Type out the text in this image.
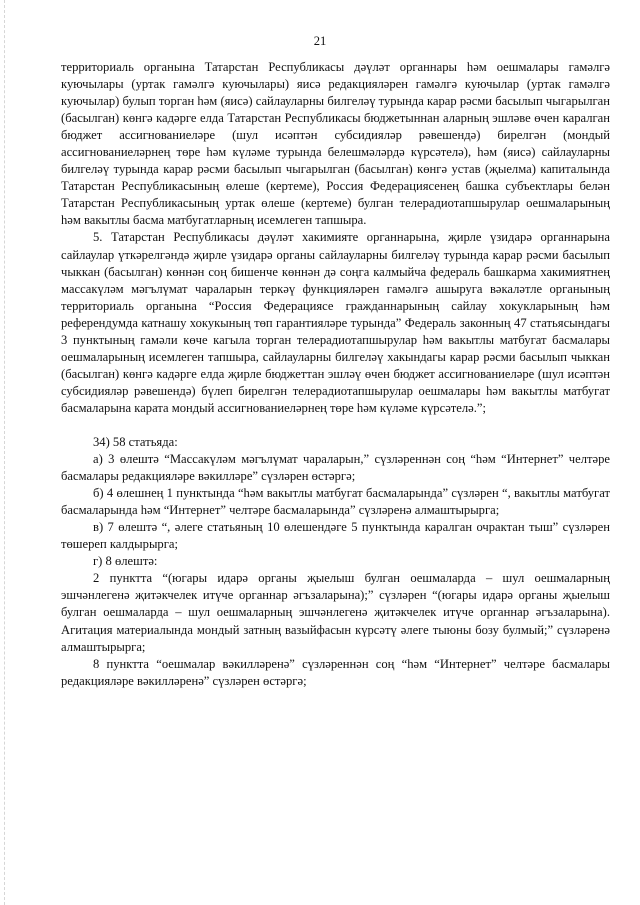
21

территориаль органына Татарстан Республикасы дәүләт органнары һәм оешмалары гамәлгә куючылары (уртак гамәлгә куючылары) яисә редакцияләрен гамәлгә куючылар (уртак гамәлгә куючылар) булып торган һәм (яисә) сайлауларны билгеләү турында карар рәсми басылып чыгарылган (басылган) көнгә кадәрге елда Татарстан Республикасы бюджетыннан аларның эшләве өчен каралган бюджет ассигнованиеләре (шул исәптән субсидияләр рәвешендә) бирелгән (мондый ассигнованиеләрнең төре һәм күләме турында белешмәләрдә күрсәтелә), һәм (яисә) сайлауларны билгеләү турында карар рәсми басылып чыгарылган (басылган) көнгә устав (җыелма) капиталында Татарстан Республикасының өлеше (кертеме), Россия Федерациясенең башка субъектлары белән Татарстан Республикасының уртак өлеше (кертеме) булган телерадиотапшырулар оешмаларының һәм вакытлы басма матбугатларның исемлеген тапшыра.

5. Татарстан Республикасы дәүләт хакимияте органнарына, җирле үзидарә органнарына сайлаулар үткәрелгәндә җирле үзидарә органы сайлауларны билгеләү турында карар рәсми басылып чыккан (басылган) көннән соң бишенче көннән дә соңга калмыйча федераль башкарма хакимиятнең массакүләм мәгълүмат чараларын теркәү функцияләрен гамәлгә ашыруга вәкаләтле органының территориаль органына “Россия Федерациясе гражданнарының сайлау хокукларының һәм референдумда катнашу хокукының төп гарантияләре турында” Федераль законның 47 статьясындагы 3 пунктының гамәли көче кагыла торган телерадиотапшырулар һәм вакытлы матбугат басмалары оешмаларының исемлеген тапшыра, сайлауларны билгеләү хакындагы карар рәсми басылып чыккан (басылган) көнгә кадәрге елда җирле бюджеттан эшләү өчен бюджет ассигнованиеләре (шул исәптән субсидияләр рәвешендә) бүлеп бирелгән телерадиотапшырулар оешмалары һәм вакытлы матбугат басмаларына карата мондый ассигнованиеләрнең төре һәм күләме күрсәтелә.”;

34) 58 статьяда:

а) 3 өлештә “Массакүләм мәгълүмат чараларын,” сүзләреннән соң “һәм “Интернет” челтәре басмалары редакцияләре вәкилләре” сүзләрен өстәргә;

б) 4 өлешнең 1 пунктында “һәм вакытлы матбугат басмаларында” сүзләрен “, вакытлы матбугат басмаларында һәм “Интернет” челтәре басмаларында” сүзләренә алмаштырырга;

в) 7 өлештә “, әлеге статьяның 10 өлешендәге 5 пунктында каралган очрактан тыш” сүзләрен төшереп калдырырга;

г) 8 өлештә:

2 пунктта “(югары идарә органы җыелыш булган оешмаларда – шул оешмаларның эшчәнлегенә җитәкчелек итүче органнар әгъзаларына);” сүзләрен “(югары идарә органы җыелыш булган оешмаларда – шул оешмаларның эшчәнлегенә җитәкчелек итүче органнар әгъзаларына). Агитация материалында мондый затның вазыйфасын күрсәтү әлеге тыюны бозу булмый;” сүзләренә алмаштырырга;

8 пунктта “оешмалар вәкилләренә” сүзләреннән соң “һәм “Интернет” челтәре басмалары редакцияләре вәкилләренә” сүзләрен өстәргә;
